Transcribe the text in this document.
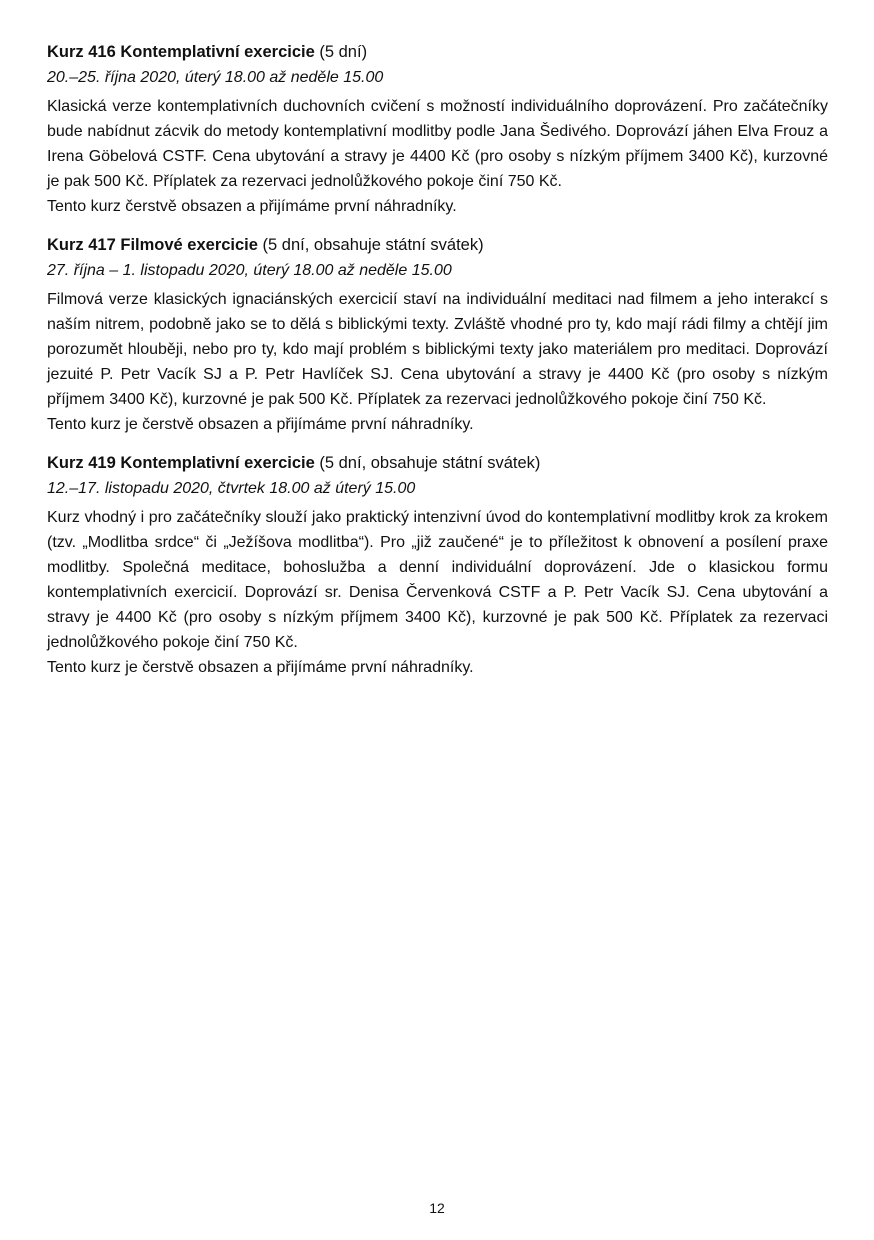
Kurz 416 Kontemplativní exercicie (5 dní)

20.–25. října 2020, úterý 18.00 až neděle 15.00

Klasická verze kontemplativních duchovních cvičení s možností individuálního doprovázení. Pro začátečníky bude nabídnut zácvik do metody kontemplativní modlitby podle Jana Šedivého. Doprovází jáhen Elva Frouz a Irena Göbelová CSTF. Cena ubytování a stravy je 4400 Kč (pro osoby s nízkým příjmem 3400 Kč), kurzovné je pak 500 Kč. Příplatek za rezervaci jednolůžkového pokoje činí 750 Kč.

Tento kurz čerstvě obsazen a přijímáme první náhradníky.

Kurz 417 Filmové exercicie (5 dní, obsahuje státní svátek)

27. října – 1. listopadu 2020, úterý 18.00 až neděle 15.00

Filmová verze klasických ignaciánských exercicií staví na individuální meditaci nad filmem a jeho interakcí s naším nitrem, podobně jako se to dělá s biblickými texty. Zvláště vhodné pro ty, kdo mají rádi filmy a chtějí jim porozumět hlouběji, nebo pro ty, kdo mají problém s biblickými texty jako materiálem pro meditaci. Doprovází jezuité P. Petr Vacík SJ a P. Petr Havlíček SJ. Cena ubytování a stravy je 4400 Kč (pro osoby s nízkým příjmem 3400 Kč), kurzovné je pak 500 Kč. Příplatek za rezervaci jednolůžkového pokoje činí 750 Kč.

Tento kurz je čerstvě obsazen a přijímáme první náhradníky.

Kurz 419 Kontemplativní exercicie (5 dní, obsahuje státní svátek)

12.–17. listopadu 2020, čtvrtek 18.00 až úterý 15.00

Kurz vhodný i pro začátečníky slouží jako praktický intenzivní úvod do kontemplativní modlitby krok za krokem (tzv. „Modlitba srdce“ či „Ježíšova modlitba“). Pro „již zaučené“ je to příležitost k obnovení a posílení praxe modlitby. Společná meditace, bohoslužba a denní individuální doprovázení. Jde o klasickou formu kontemplativních exercicií. Doprovází sr. Denisa Červenková CSTF a P. Petr Vacík SJ. Cena ubytování a stravy je 4400 Kč (pro osoby s nízkým příjmem 3400 Kč), kurzovné je pak 500 Kč. Příplatek za rezervaci jednolůžkového pokoje činí 750 Kč.

Tento kurz je čerstvě obsazen a přijímáme první náhradníky.

12
